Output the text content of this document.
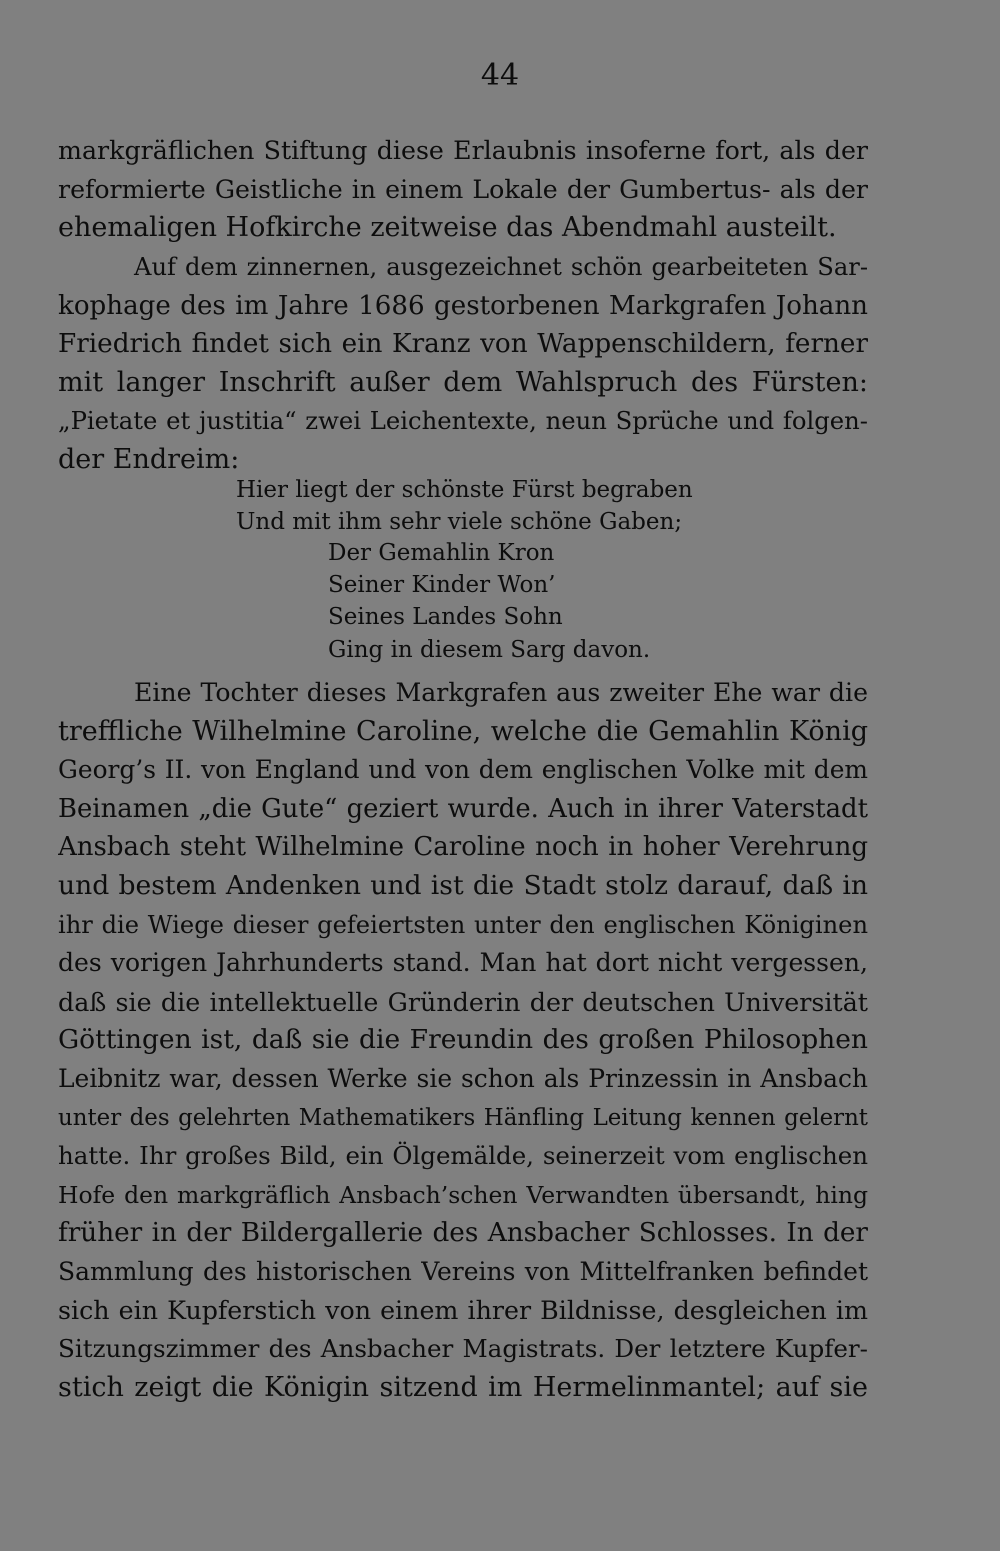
44
markgräflichen Stiftung diese Erlaubnis insoferne fort, als der
reformierte Geistliche in einem Lokale der Gumbertus- als der
ehemaligen Hofkirche zeitweise das Abendmahl austeilt.
Auf dem zinnernen, ausgezeichnet schön gearbeiteten Sar-
kophage des im Jahre 1686 gestorbenen Markgrafen Johann
Friedrich findet sich ein Kranz von Wappenschildern, ferner
mit langer Inschrift außer dem Wahlspruch des Fürsten:
„Pietate et justitia“ zwei Leichentexte, neun Sprüche und folgen-
der Endreim:
Hier liegt der schönste Fürst begraben
Und mit ihm sehr viele schöne Gaben;
Der Gemahlin Kron
Seiner Kinder Won’
Seines Landes Sohn
Ging in diesem Sarg davon.
Eine Tochter dieses Markgrafen aus zweiter Ehe war die
treffliche Wilhelmine Caroline, welche die Gemahlin König
Georg’s II. von England und von dem englischen Volke mit dem
Beinamen „die Gute“ geziert wurde. Auch in ihrer Vaterstadt
Ansbach steht Wilhelmine Caroline noch in hoher Verehrung
und bestem Andenken und ist die Stadt stolz darauf, daß in
ihr die Wiege dieser gefeiertsten unter den englischen Königinen
des vorigen Jahrhunderts stand. Man hat dort nicht vergessen,
daß sie die intellektuelle Gründerin der deutschen Universität
Göttingen ist, daß sie die Freundin des großen Philosophen
Leibnitz war, dessen Werke sie schon als Prinzessin in Ansbach
unter des gelehrten Mathematikers Hänfling Leitung kennen gelernt
hatte. Ihr großes Bild, ein Ölgemälde, seinerzeit vom englischen
Hofe den markgräflich Ansbach’schen Verwandten übersandt, hing
früher in der Bildergallerie des Ansbacher Schlosses. In der
Sammlung des historischen Vereins von Mittelfranken befindet
sich ein Kupferstich von einem ihrer Bildnisse, desgleichen im
Sitzungszimmer des Ansbacher Magistrats. Der letztere Kupfer-
stich zeigt die Königin sitzend im Hermelinmantel; auf sie
